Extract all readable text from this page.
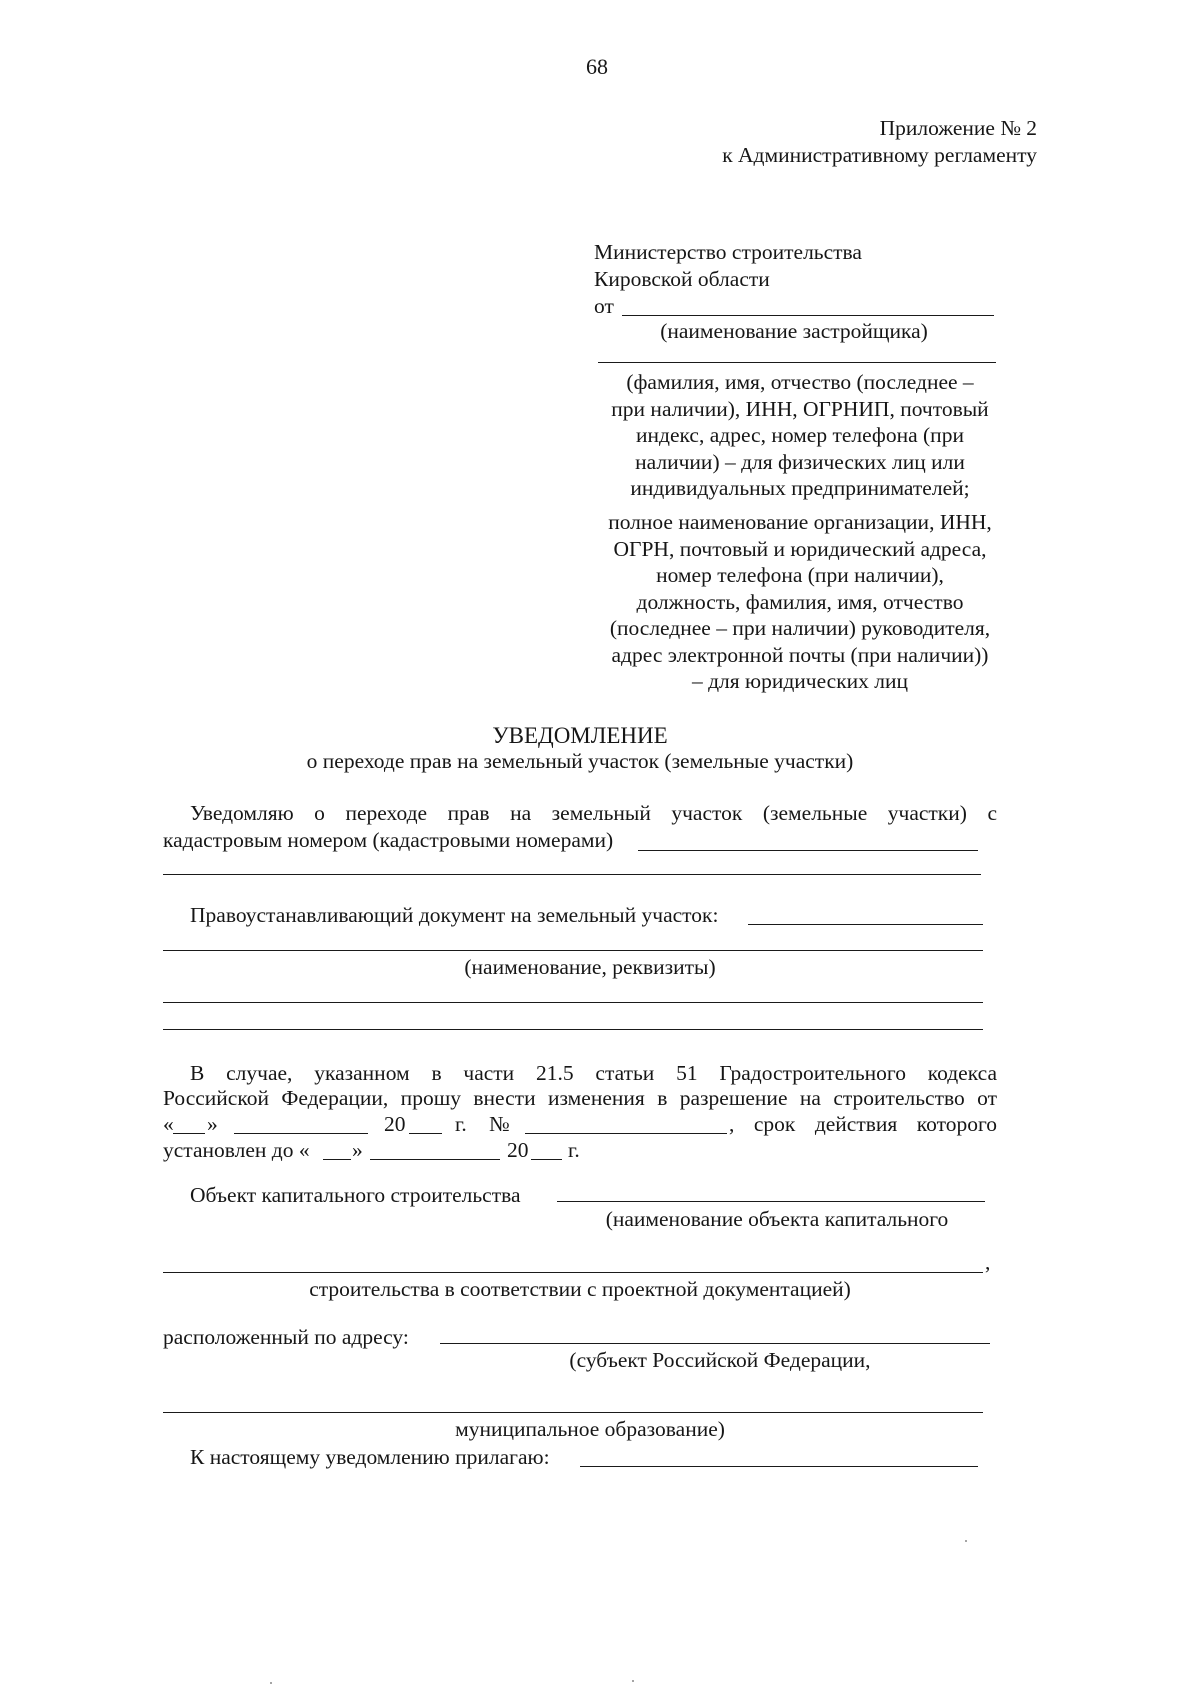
68
Приложение № 2
к Административному регламенту
Министерство строительства
Кировской области
от
(наименование застройщика)
(фамилия, имя, отчество (последнее –
при наличии), ИНН, ОГРНИП, почтовый
индекс, адрес, номер телефона (при
наличии) – для физических лиц или
индивидуальных предпринимателей;
полное наименование организации, ИНН,
ОГРН, почтовый и юридический адреса,
номер телефона (при наличии),
должность, фамилия, имя, отчество
(последнее – при наличии) руководителя,
адрес электронной почты (при наличии))
– для юридических лиц
УВЕДОМЛЕНИЕ
о переходе прав на земельный участок (земельные участки)
Уведомляю о переходе прав на земельный участок (земельные участки) с
кадастровым номером (кадастровыми номерами)
Правоустанавливающий документ на земельный участок:
(наименование, реквизиты)
В случае, указанном в части 21.5 статьи 51 Градостроительного кодекса
Российской Федерации, прошу внести изменения в разрешение на строительство от
« »	20 г. №	, срок действия которого
установлен до « »	20 г.
Объект капитального строительства
(наименование объекта капитального
,
строительства в соответствии с проектной документацией)
расположенный по адресу:
(субъект Российской Федерации,
муниципальное образование)
К настоящему уведомлению прилагаю:
